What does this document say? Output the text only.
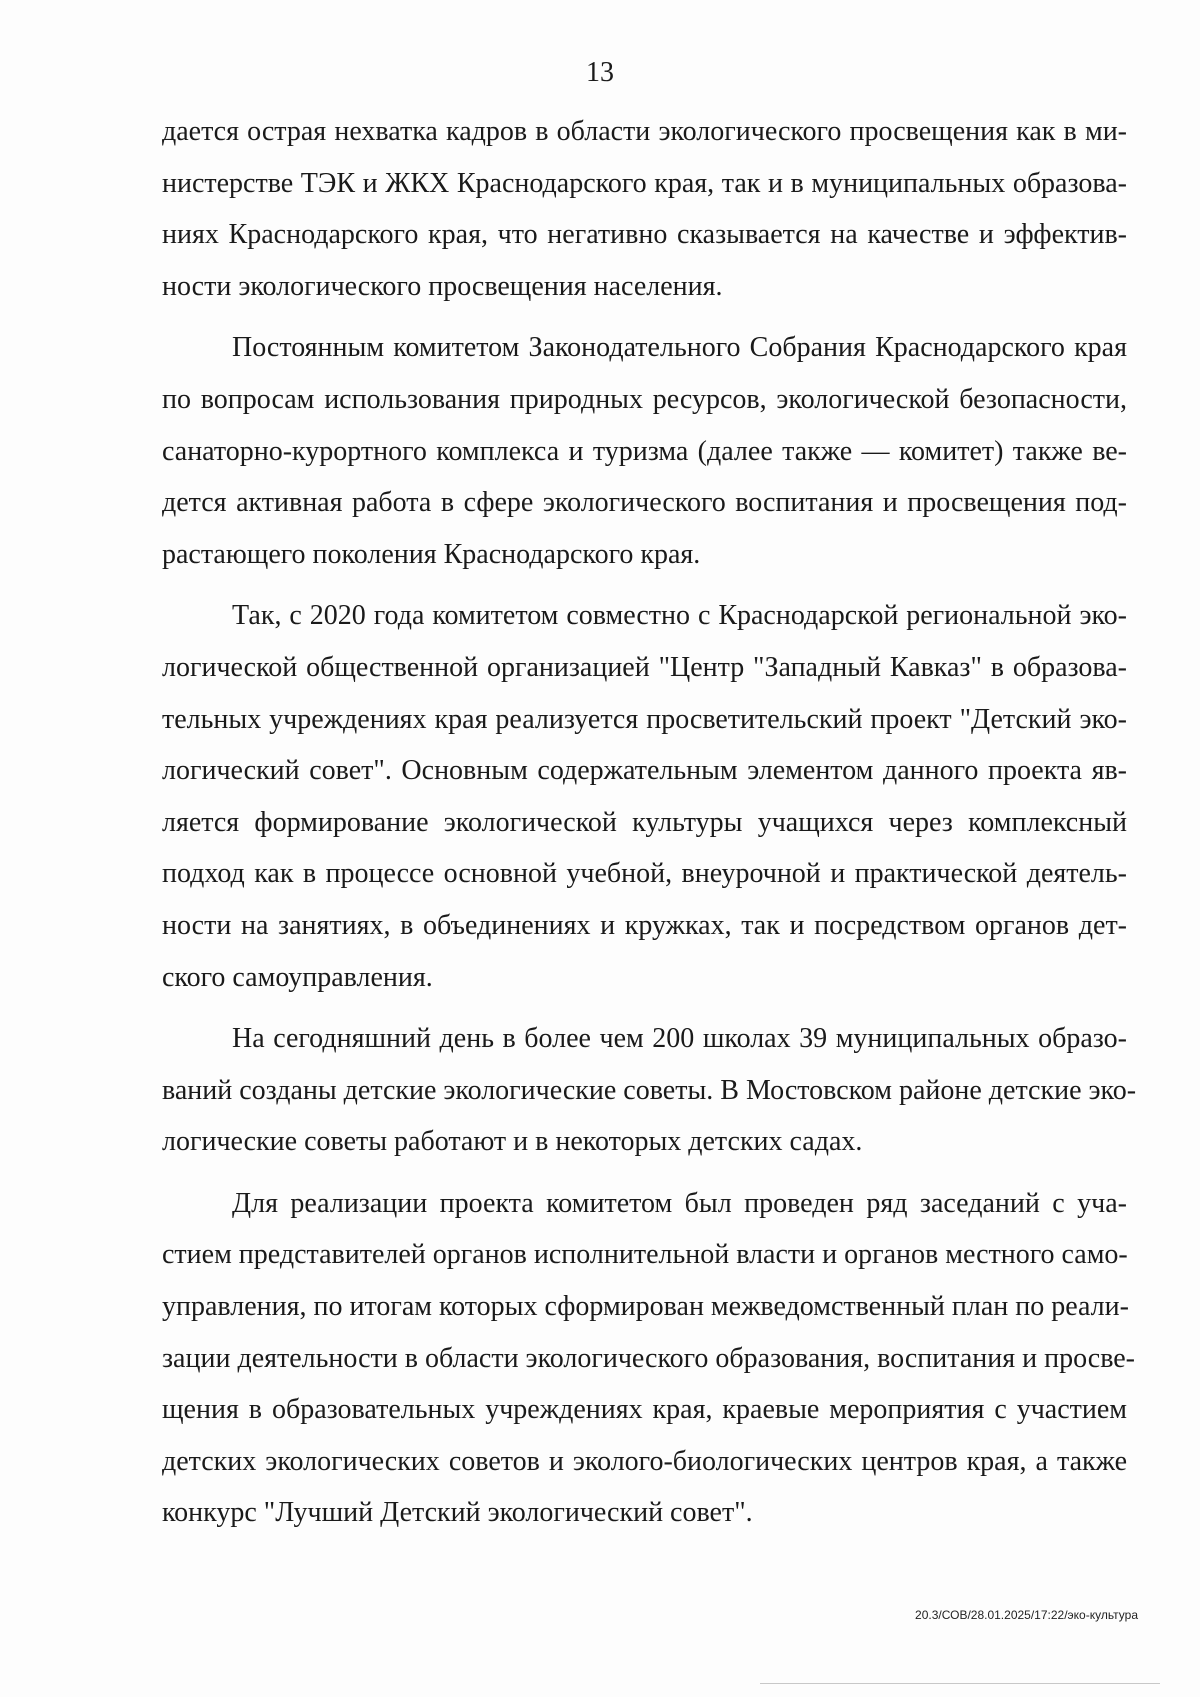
13
дается острая нехватка кадров в области экологического просвещения как в ми-
нистерстве ТЭК и ЖКХ Краснодарского края, так и в муниципальных образова-
ниях Краснодарского края, что негативно сказывается на качестве и эффектив-
ности экологического просвещения населения.
Постоянным комитетом Законодательного Собрания Краснодарского края
по вопросам использования природных ресурсов, экологической безопасности,
санаторно-курортного комплекса и туризма (далее также — комитет) также ве-
дется активная работа в сфере экологического воспитания и просвещения под-
растающего поколения Краснодарского края.
Так, с 2020 года комитетом совместно с Краснодарской региональной эко-
логической общественной организацией "Центр "Западный Кавказ" в образова-
тельных учреждениях края реализуется просветительский проект "Детский эко-
логический совет". Основным содержательным элементом данного проекта яв-
ляется формирование экологической культуры учащихся через комплексный
подход как в процессе основной учебной, внеурочной и практической деятель-
ности на занятиях, в объединениях и кружках, так и посредством органов дет-
ского самоуправления.
На сегодняшний день в более чем 200 школах 39 муниципальных образо-
ваний созданы детские экологические советы. В Мостовском районе детские эко-
логические советы работают и в некоторых детских садах.
Для реализации проекта комитетом был проведен ряд заседаний с уча-
стием представителей органов исполнительной власти и органов местного само-
управления, по итогам которых сформирован межведомственный план по реали-
зации деятельности в области экологического образования, воспитания и просве-
щения в образовательных учреждениях края, краевые мероприятия с участием
детских экологических советов и эколого-биологических центров края, а также
конкурс "Лучший Детский экологический совет".
20.3/СОВ/28.01.2025/17:22/эко-культура
